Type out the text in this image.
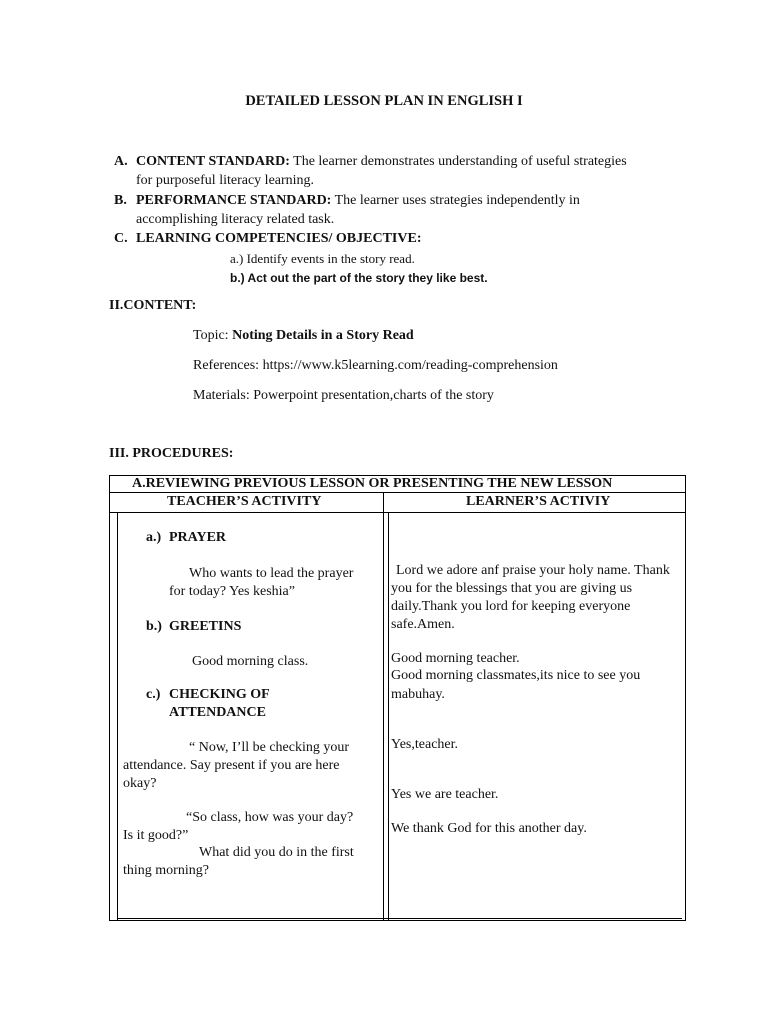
DETAILED LESSON PLAN IN ENGLISH I
A. CONTENT STANDARD: The learner demonstrates understanding of useful strategies
for purposeful literacy learning.
B. PERFORMANCE STANDARD: The learner uses strategies independently in
accomplishing literacy related task.
C. LEARNING COMPETENCIES/ OBJECTIVE:
a.) Identify events in the story read.
b.) Act out the part of the story they like best.
II.CONTENT:
Topic: Noting Details in a Story Read
References: https://www.k5learning.com/reading-comprehension
Materials: Powerpoint presentation,charts of the story
III. PROCEDURES:
A.REVIEWING PREVIOUS LESSON OR PRESENTING THE NEW LESSON
TEACHER’S ACTIVITY	LEARNER’S ACTIVIY
a.) PRAYER
Who wants to lead the prayer
for today? Yes keshia”
b.) GREETINS
Good morning class.
c.) CHECKING OF
ATTENDANCE
“ Now, I’ll be checking your
attendance. Say present if you are here
okay?
“So class, how was your day?
Is it good?”
What did you do in the first
thing morning?
Lord we adore anf praise your holy name. Thank
you for the blessings that you are giving us
daily.Thank you lord for keeping everyone
safe.Amen.
Good morning teacher.
Good morning classmates,its nice to see you
mabuhay.
Yes,teacher.
Yes we are teacher.
We thank God for this another day.
